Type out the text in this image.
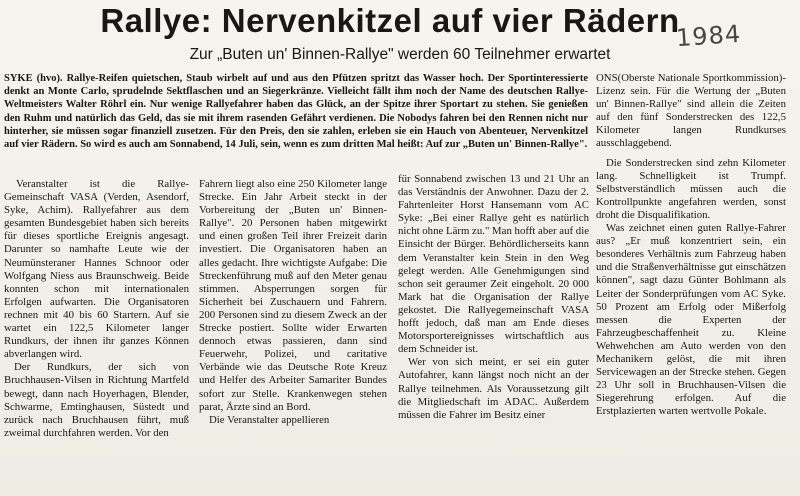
Rallye: Nervenkitzel auf vier Rädern
1984
Zur „Buten un' Binnen-Rallye" werden 60 Teilnehmer erwartet
SYKE (hvo). Rallye-Reifen quietschen, Staub wirbelt auf und aus den Pfützen spritzt das Wasser hoch. Der Sportinteressierte denkt an Monte Carlo, sprudelnde Sektflaschen und an Siegerkränze. Vielleicht fällt ihm noch der Name des deutschen Rallye-Weltmeisters Walter Röhrl ein. Nur wenige Rallyefahrer haben das Glück, an der Spitze ihrer Sportart zu stehen. Sie genießen den Ruhm und natürlich das Geld, das sie mit ihrem rasenden Gefährt verdienen. Die Nobodys fahren bei den Rennen nicht nur hinterher, sie müssen sogar finanziell zusetzen. Für den Preis, den sie zahlen, erleben sie ein Hauch von Abenteuer, Nervenkitzel auf vier Rädern. So wird es auch am Sonnabend, 14 Juli, sein, wenn es zum dritten Mal heißt: Auf zur „Buten un' Binnen-Rallye".

Veranstalter ist die Rallye-Gemeinschaft VASA (Verden, Asendorf, Syke, Achim). Rallyefahrer aus dem gesamten Bundesgebiet haben sich bereits für dieses sportliche Ereignis angesagt. Darunter so namhafte Leute wie der Neumünsteraner Hannes Schnoor oder Wolfgang Niess aus Braunschweig. Beide konnten schon mit internationalen Erfolgen aufwarten. Die Organisatoren rechnen mit 40 bis 60 Startern. Auf sie wartet ein 122,5 Kilometer langer Rundkurs, der ihnen ihr ganzes Können abverlangen wird.

Der Rundkurs, der sich von Bruchhausen-Vilsen in Richtung Martfeld bewegt, dann nach Hoyerhagen, Blender, Schwarme, Emtinghausen, Süstedt und zurück nach Bruchhausen führt, muß zweimal durchfahren werden. Vor den

Fahrern liegt also eine 250 Kilometer lange Strecke. Ein Jahr Arbeit steckt in der Vorbereitung der „Buten un' Binnen-Rallye". 20 Personen haben mitgewirkt und einen großen Teil ihrer Freizeit darin investiert. Die Organisatoren haben an alles gedacht. Ihre wichtigste Aufgabe: Die Streckenführung muß auf den Meter genau stimmen. Absperrungen sorgen für Sicherheit bei Zuschauern und Fahrern. 200 Personen sind zu diesem Zweck an der Strecke postiert. Sollte wider Erwarten dennoch etwas passieren, dann sind Feuerwehr, Polizei, und caritative Verbände wie das Deutsche Rote Kreuz und Helfer des Arbeiter Samariter Bundes sofort zur Stelle. Krankenwegen stehen parat, Ärzte sind an Bord.

Die Veranstalter appellieren

für Sonnabend zwischen 13 und 21 Uhr an das Verständnis der Anwohner. Dazu der 2. Fahrtenleiter Horst Hansemann vom AC Syke: „Bei einer Rallye geht es natürlich nicht ohne Lärm zu." Man hofft aber auf die Einsicht der Bürger. Behördlicherseits kann dem Veranstalter kein Stein in den Weg gelegt werden. Alle Genehmigungen sind schon seit geraumer Zeit eingeholt. 20 000 Mark hat die Organisation der Rallye gekostet. Die Rallyegemeinschaft VASA hofft jedoch, daß man am Ende dieses Motorsportereignisses wirtschaftlich aus dem Schneider ist.

Wer von sich meint, er sei ein guter Autofahrer, kann längst noch nicht an der Rallye teilnehmen. Als Voraussetzung gilt die Mitgliedschaft im ADAC. Außerdem müssen die Fahrer im Besitz einer

ONS(Oberste Nationale Sportkommission)-Lizenz sein. Für die Wertung der „Buten un' Binnen-Rallye" sind allein die Zeiten auf den fünf Sonderstrecken des 122,5 Kilometer langen Rundkurses ausschlaggebend.

Die Sonderstrecken sind zehn Kilometer lang. Schnelligkeit ist Trumpf. Selbstverständlich müssen auch die Kontrollpunkte angefahren werden, sonst droht die Disqualifikation.

Was zeichnet einen guten Rallye-Fahrer aus? „Er muß konzentriert sein, ein besonderes Verhältnis zum Fahrzeug haben und die Straßenverhältnisse gut einschätzen können", sagt dazu Günter Bohlmann als Leiter der Sonderprüfungen vom AC Syke. 50 Prozent am Erfolg oder Mißerfolg messen die Experten der Fahrzeugbeschaffenheit zu. Kleine Wehwehchen am Auto werden von den Mechanikern gelöst, die mit ihren Servicewagen an der Strecke stehen. Gegen 23 Uhr soll in Bruchhausen-Vilsen die Siegerehrung erfolgen. Auf die Erstplazierten warten wertvolle Pokale.
